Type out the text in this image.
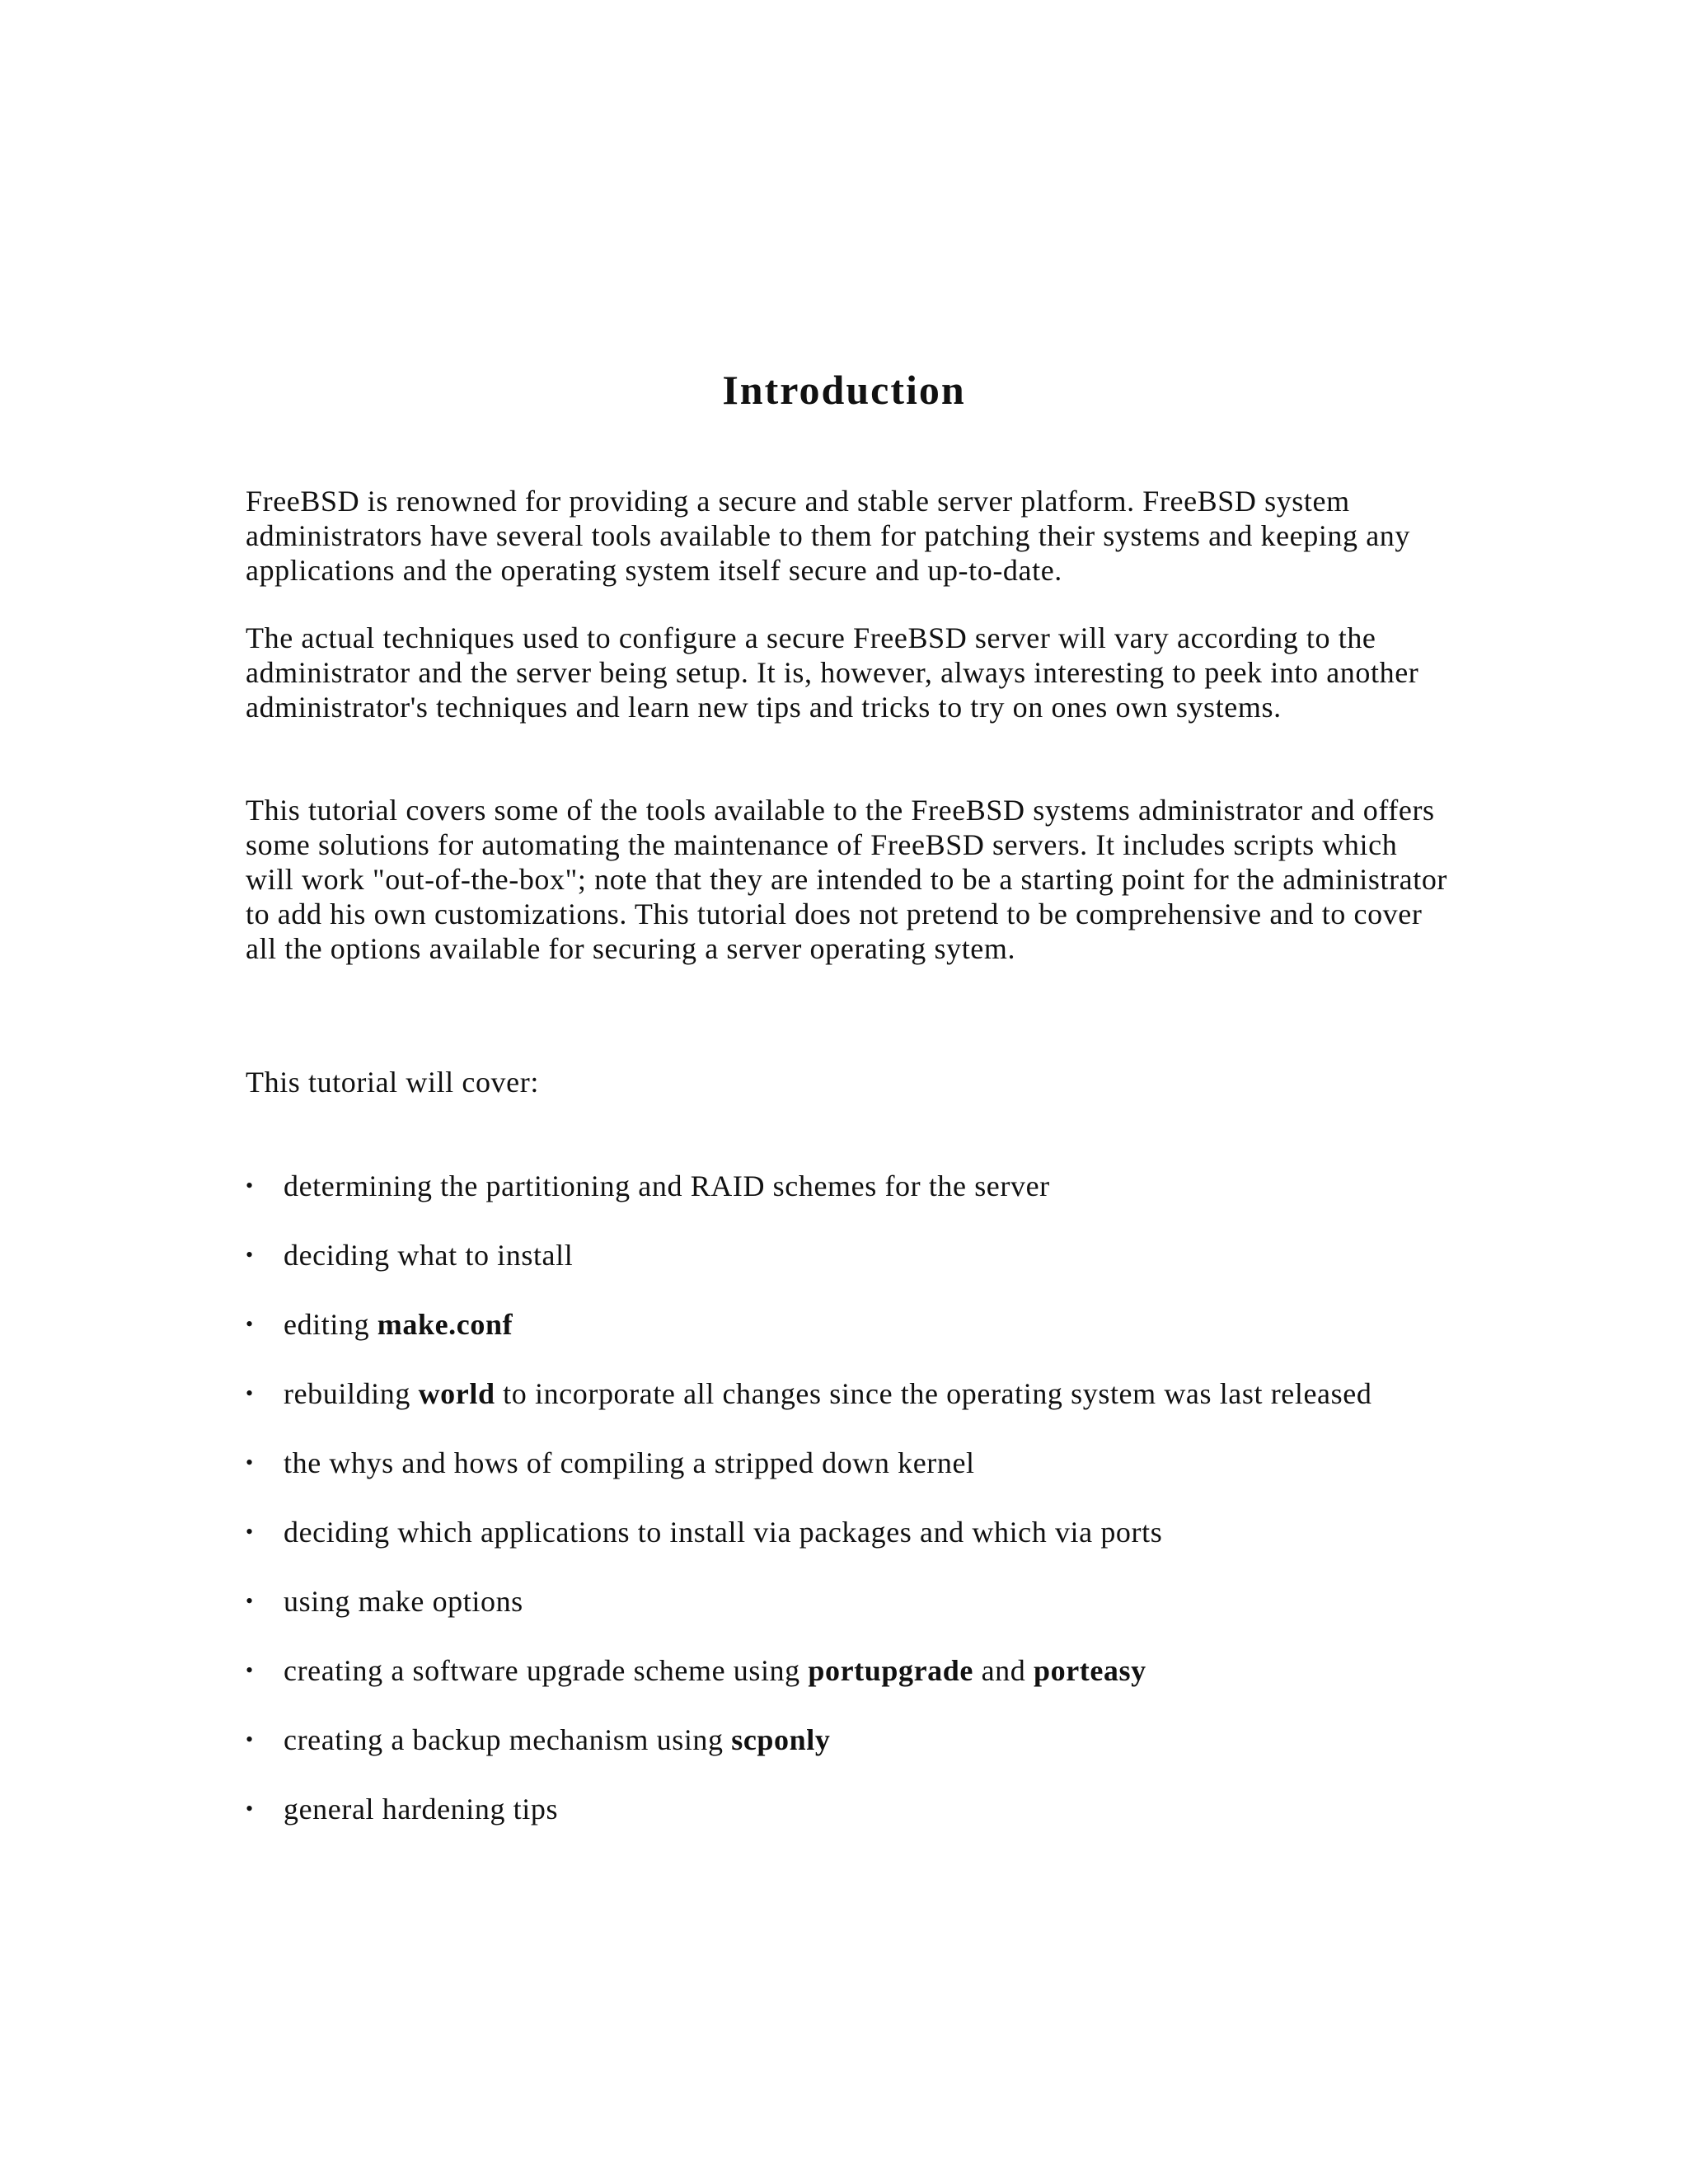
Introduction

FreeBSD is renowned for providing a secure and stable server platform. FreeBSD system administrators have several tools available to them for patching their systems and keeping any applications and the operating system itself secure and up-to-date.

The actual techniques used to configure a secure FreeBSD server will vary according to the administrator and the server being setup. It is, however, always interesting to peek into another administrator's techniques and learn new tips and tricks to try on ones own systems.

This tutorial covers some of the tools available to the FreeBSD systems administrator and offers some solutions for automating the maintenance of FreeBSD servers. It includes scripts which will work "out-of-the-box"; note that they are intended to be a starting point for the administrator to add his own customizations. This tutorial does not pretend to be comprehensive and to cover all the options available for securing a server operating sytem.

This tutorial will cover:

• determining the partitioning and RAID schemes for the server
• deciding what to install
• editing make.conf
• rebuilding world to incorporate all changes since the operating system was last released
• the whys and hows of compiling a stripped down kernel
• deciding which applications to install via packages and which via ports
• using make options
• creating a software upgrade scheme using portupgrade and porteasy
• creating a backup mechanism using scponly
• general hardening tips
